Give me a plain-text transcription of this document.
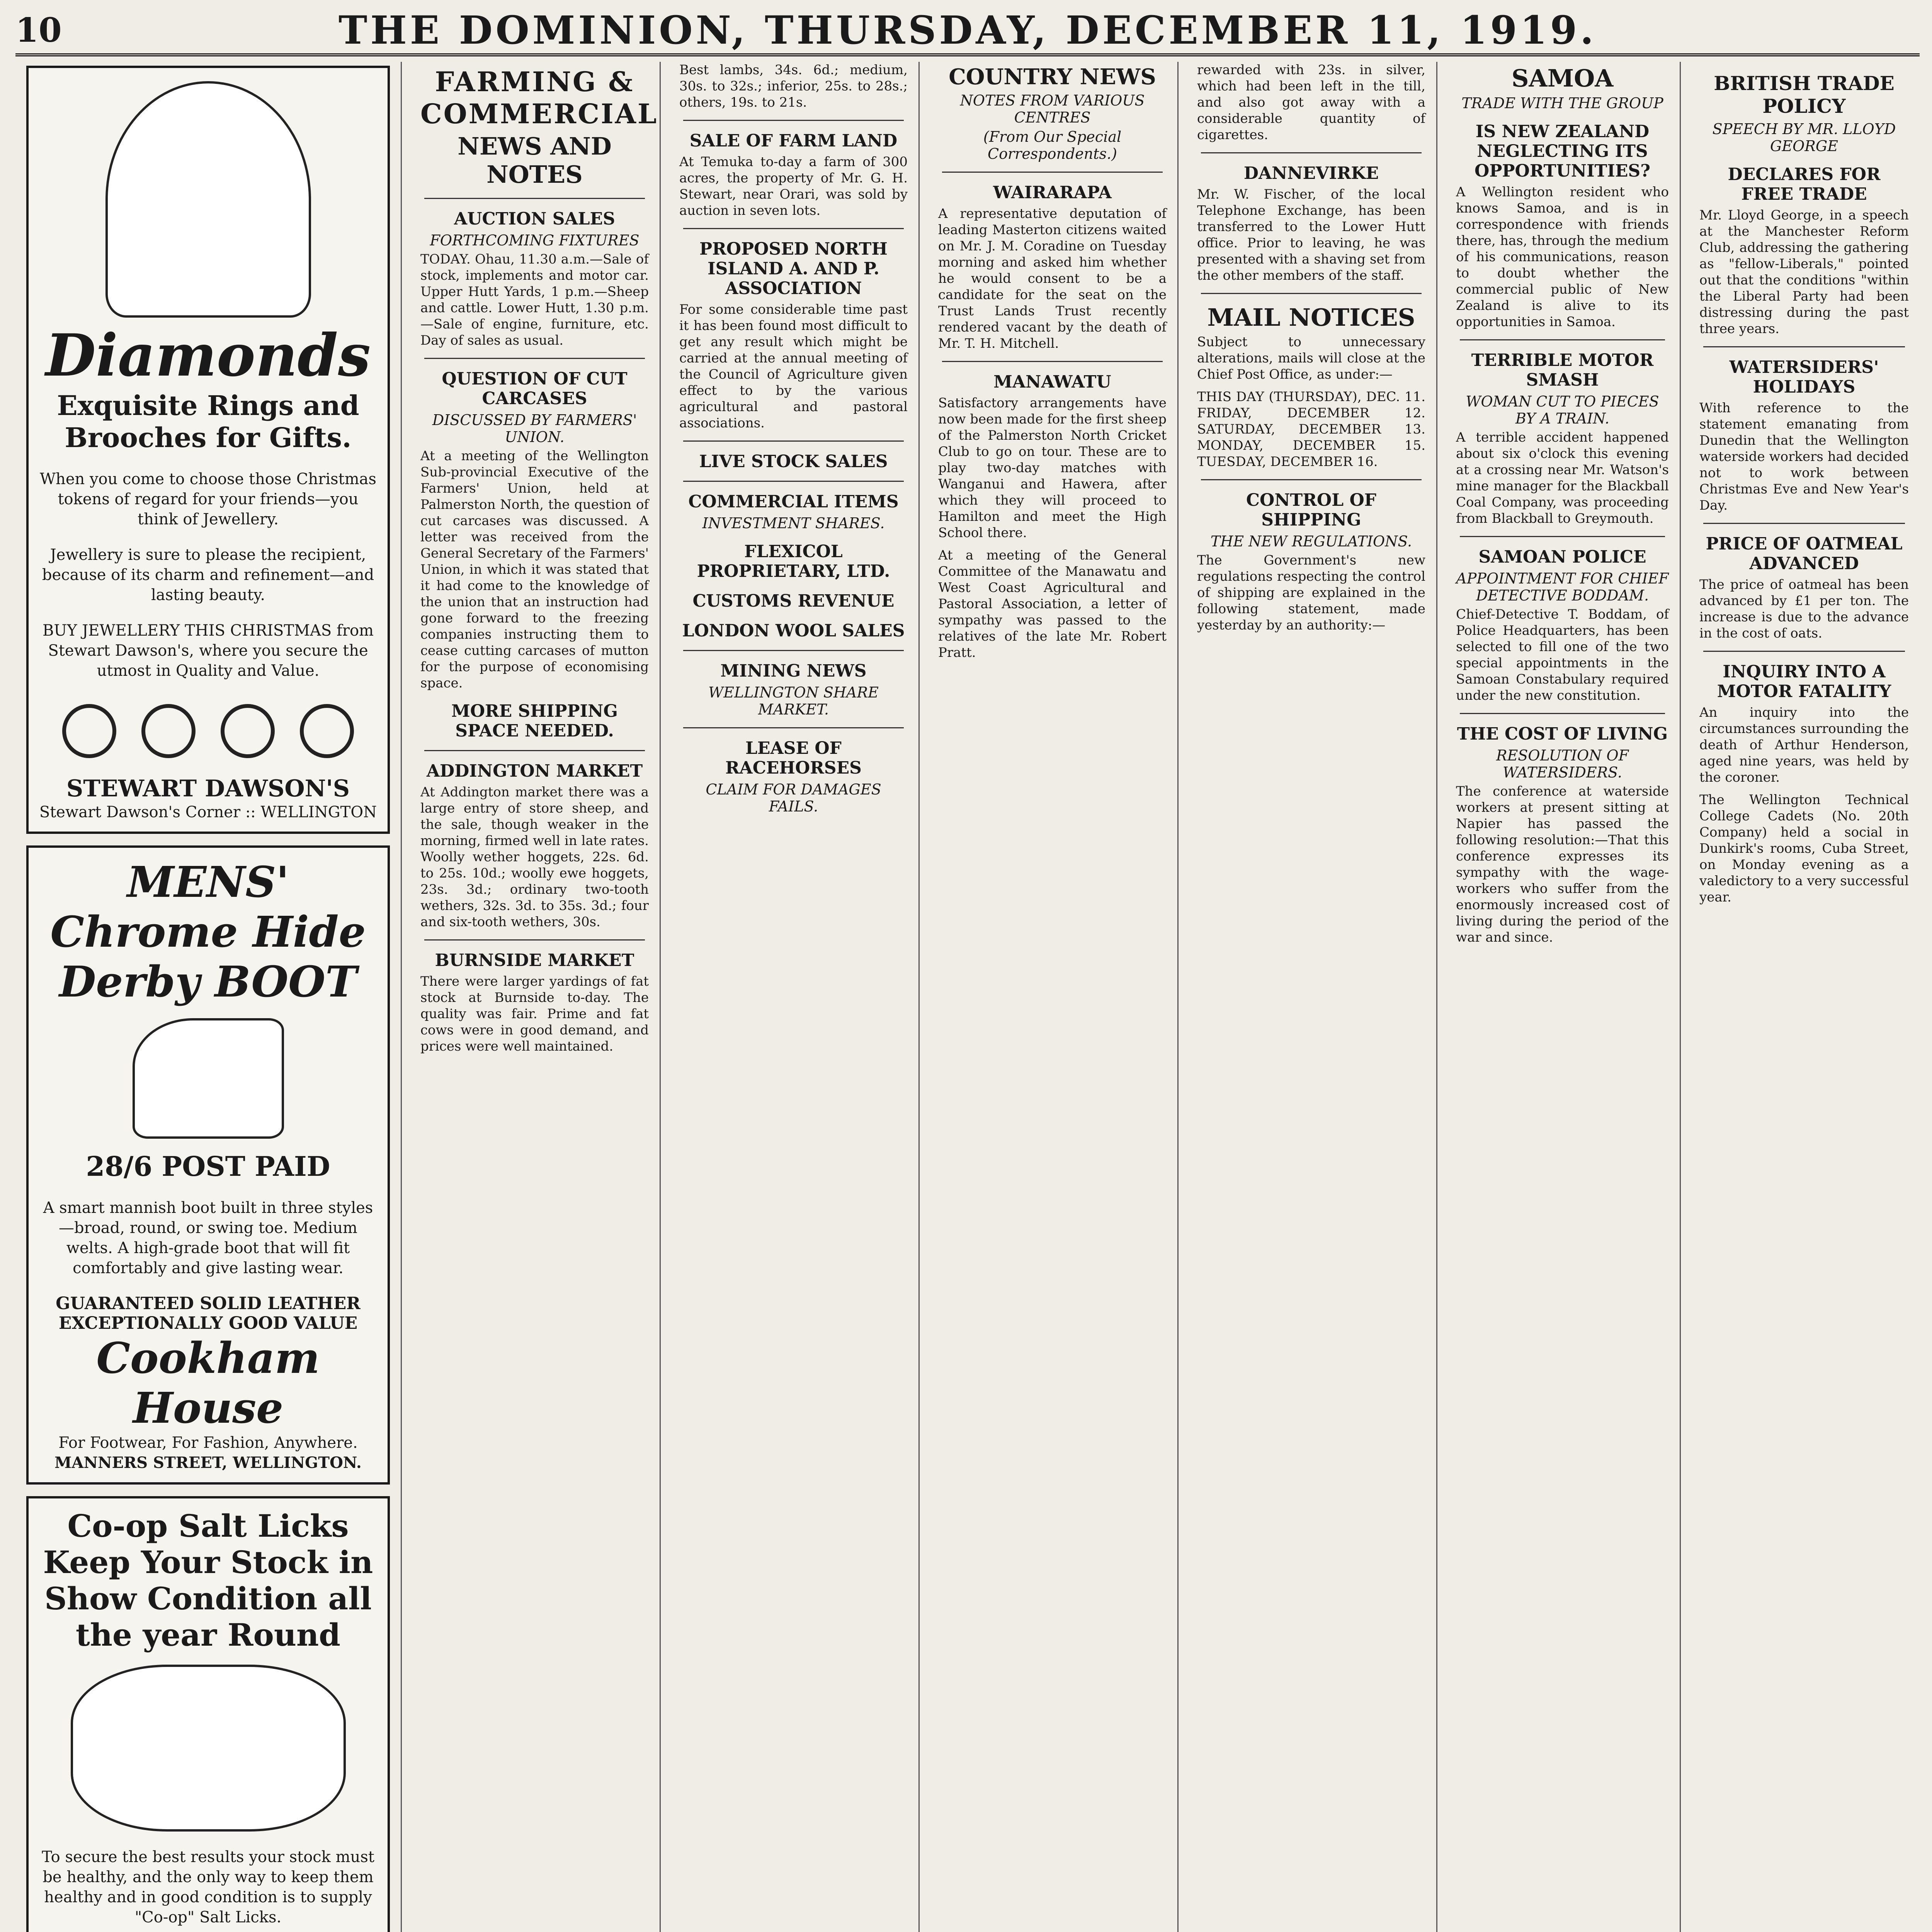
10	THE DOMINION, THURSDAY, DECEMBER 11, 1919.
Diamonds
Exquisite Rings and Brooches for Gifts.

When you come to choose those Christmas tokens of regard for your friends—you think of Jewellery.

Jewellery is sure to please the recipient, because of its charm and refinement—and lasting beauty.

BUY JEWELLERY THIS CHRISTMAS from Stewart Dawson's, where you secure the utmost in Quality and Value.

STEWART DAWSON'S
Stewart Dawson's Corner :: WELLINGTON
MENS' Chrome Hide Derby BOOT
28/6 POST PAID

A smart mannish boot built in three styles—broad, round, or swing toe. Medium welts. A high-grade boot that will fit comfortably and give lasting wear.

GUARANTEED SOLID LEATHER EXCEPTIONALLY GOOD VALUE
Cookham House
For Footwear, For Fashion, Anywhere.
MANNERS STREET, WELLINGTON.
Co-op Salt Licks Keep Your Stock in Show Condition all the year Round

To secure the best results your stock must be healthy, and the only way to keep them healthy and in good condition is to supply "Co-op" Salt Licks.

FARMING & COMMERCIAL
NEWS AND NOTES
AUCTION SALES
FORTHCOMING FIXTURES

TODAY. Ohau, 11.30 a.m.—Sale of stock, implements and motor car. Upper Hutt Yards, 1 p.m.—Sheep and cattle. Lower Hutt, 1.30 p.m.—Sale of engine, furniture, etc. Day of sales as usual.

QUESTION OF CUT CARCASES
DISCUSSED BY FARMERS' UNION.

At a meeting of the Wellington Sub-provincial Executive of the Farmers' Union, held at Palmerston North, the question of cut carcases was discussed. A letter was received from the General Secretary of the Farmers' Union, in which it was stated that it had come to the knowledge of the union that an instruction had gone forward to the freezing companies instructing them to cease cutting carcases of mutton for the purpose of economising space.

MORE SHIPPING SPACE NEEDED.
ADDINGTON MARKET

At Addington market there was a large entry of store sheep, and the sale, though weaker in the morning, firmed well in late rates. Woolly wether hoggets, 22s. 6d. to 25s. 10d.; woolly ewe hoggets, 23s. 3d.; ordinary two-tooth wethers, 32s. 3d. to 35s. 3d.; four and six-tooth wethers, 30s.

BURNSIDE MARKET

There were larger yardings of fat stock at Burnside to-day. The quality was fair. Prime and fat cows were in good demand, and prices were well maintained.

Best lambs, 34s. 6d.; medium, 30s. to 32s.; inferior, 25s. to 28s.; others, 19s. to 21s.

SALE OF FARM LAND

At Temuka to-day a farm of 300 acres, the property of Mr. G. H. Stewart, near Orari, was sold by auction in seven lots.

PROPOSED NORTH ISLAND A. AND P. ASSOCIATION

For some considerable time past it has been found most difficult to get any result which might be carried at the annual meeting of the Council of Agriculture given effect to by the various agricultural and pastoral associations.

LIVE STOCK SALES
COMMERCIAL ITEMS
INVESTMENT SHARES.
FLEXICOL PROPRIETARY, LTD.
CUSTOMS REVENUE
LONDON WOOL SALES
MINING NEWS
WELLINGTON SHARE MARKET.
LEASE OF RACEHORSES
CLAIM FOR DAMAGES FAILS.
COUNTRY NEWS
NOTES FROM VARIOUS CENTRES
(From Our Special Correspondents.)
WAIRARAPA

A representative deputation of leading Masterton citizens waited on Mr. J. M. Coradine on Tuesday morning and asked him whether he would consent to be a candidate for the seat on the Trust Lands Trust recently rendered vacant by the death of Mr. T. H. Mitchell.

MANAWATU

Satisfactory arrangements have now been made for the first sheep of the Palmerston North Cricket Club to go on tour. These are to play two-day matches with Wanganui and Hawera, after which they will proceed to Hamilton and meet the High School there.

At a meeting of the General Committee of the Manawatu and West Coast Agricultural and Pastoral Association, a letter of sympathy was passed to the relatives of the late Mr. Robert Pratt.

rewarded with 23s. in silver, which had been left in the till, and also got away with a considerable quantity of cigarettes.

DANNEVIRKE

Mr. W. Fischer, of the local Telephone Exchange, has been transferred to the Lower Hutt office. Prior to leaving, he was presented with a shaving set from the other members of the staff.

MAIL NOTICES

Subject to unnecessary alterations, mails will close at the Chief Post Office, as under:—

THIS DAY (THURSDAY), DEC. 11. FRIDAY, DECEMBER 12. SATURDAY, DECEMBER 13. MONDAY, DECEMBER 15. TUESDAY, DECEMBER 16.

CONTROL OF SHIPPING
THE NEW REGULATIONS.

The Government's new regulations respecting the control of shipping are explained in the following statement, made yesterday by an authority:—

SAMOA
TRADE WITH THE GROUP
IS NEW ZEALAND NEGLECTING ITS OPPORTUNITIES?

A Wellington resident who knows Samoa, and is in correspondence with friends there, has, through the medium of his communications, reason to doubt whether the commercial public of New Zealand is alive to its opportunities in Samoa.

TERRIBLE MOTOR SMASH
WOMAN CUT TO PIECES BY A TRAIN.

A terrible accident happened about six o'clock this evening at a crossing near Mr. Watson's mine manager for the Blackball Coal Company, was proceeding from Blackball to Greymouth.

SAMOAN POLICE
APPOINTMENT FOR CHIEF DETECTIVE BODDAM.

Chief-Detective T. Boddam, of Police Headquarters, has been selected to fill one of the two special appointments in the Samoan Constabulary required under the new constitution.

THE COST OF LIVING
RESOLUTION OF WATERSIDERS.

The conference at waterside workers at present sitting at Napier has passed the following resolution:—That this conference expresses its sympathy with the wage-workers who suffer from the enormously increased cost of living during the period of the war and since.

BRITISH TRADE POLICY
SPEECH BY MR. LLOYD GEORGE
DECLARES FOR FREE TRADE

Mr. Lloyd George, in a speech at the Manchester Reform Club, addressing the gathering as "fellow-Liberals," pointed out that the conditions "within the Liberal Party had been distressing during the past three years.

WATERSIDERS' HOLIDAYS

With reference to the statement emanating from Dunedin that the Wellington waterside workers had decided not to work between Christmas Eve and New Year's Day.

PRICE OF OATMEAL ADVANCED

The price of oatmeal has been advanced by £1 per ton. The increase is due to the advance in the cost of oats.

INQUIRY INTO A MOTOR FATALITY

An inquiry into the circumstances surrounding the death of Arthur Henderson, aged nine years, was held by the coroner.

The Wellington Technical College Cadets (No. 20th Company) held a social in Dunkirk's rooms, Cuba Street, on Monday evening as a valedictory to a very successful year.
